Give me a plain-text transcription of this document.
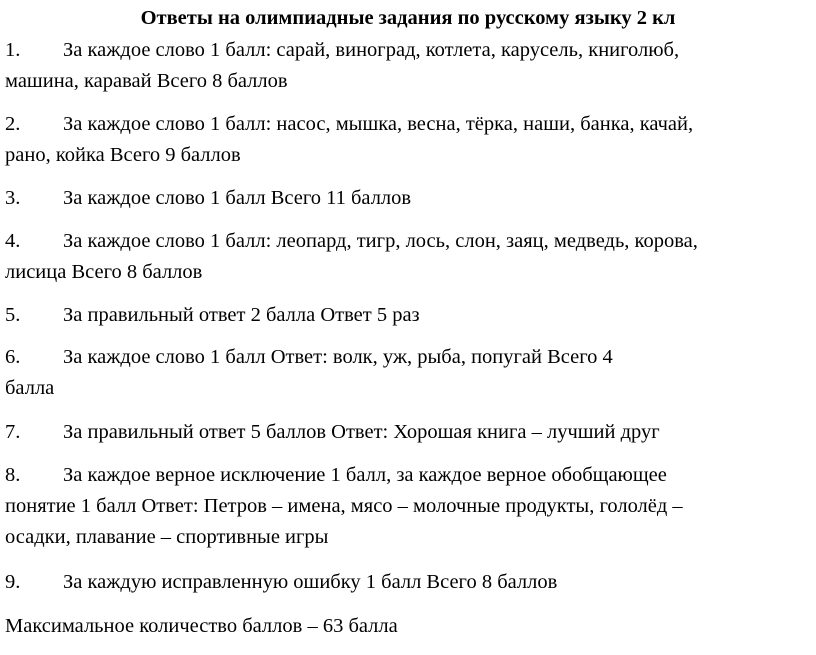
Ответы на олимпиадные задания по русскому языку 2 кл
1. За каждое слово 1 балл: сарай, виноград, котлета, карусель, книголюб,
машина, каравай Всего 8 баллов
2. За каждое слово 1 балл: насос, мышка, весна, тёрка, наши, банка, качай,
рано, койка Всего 9 баллов
3. За каждое слово 1 балл Всего 11 баллов
4. За каждое слово 1 балл: леопард, тигр, лось, слон, заяц, медведь, корова,
лисица Всего 8 баллов
5. За правильный ответ 2 балла Ответ 5 раз
6. За каждое слово 1 балл Ответ: волк, уж, рыба, попугай Всего 4
балла
7. За правильный ответ 5 баллов Ответ: Хорошая книга – лучший друг
8. За каждое верное исключение 1 балл, за каждое верное обобщающее
понятие 1 балл Ответ: Петров – имена, мясо – молочные продукты, гололёд –
осадки, плавание – спортивные игры
9. За каждую исправленную ошибку 1 балл Всего 8 баллов
Максимальное количество баллов – 63 балла
